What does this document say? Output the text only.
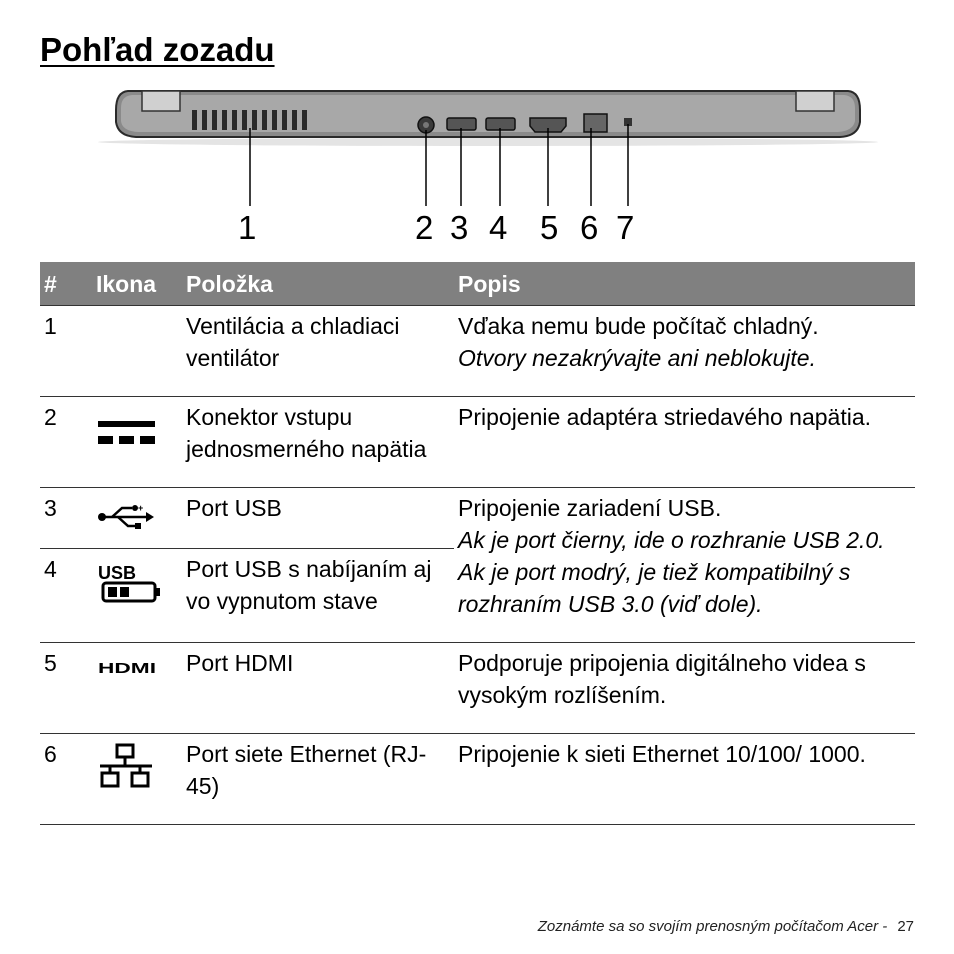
Pohľad zozadu
1	2 3 4 5 6 7
#	Ikona	Položka	Popis
1		Ventilácia a chladiaci ventilátor	Vďaka nemu bude počítač chladný.
Otvory nezakrývajte ani neblokujte.
2		Konektor vstupu jednosmerného napätia	Pripojenie adaptéra striedavého napätia.
3	+	Port USB	Pripojenie zariadení USB.
Ak je port čierny, ide o rozhranie USB 2.0. Ak je port modrý, je tiež kompatibilný s rozhraním USB 3.0 (viď dole).
4	USB	Port USB s nabíjaním aj vo vypnutom stave	
5	HDMI	Port HDMI	Podporuje pripojenia digitálneho videa s vysokým rozlíšením.
6		Port siete Ethernet (RJ-45)	Pripojenie k sieti Ethernet 10/100/ 1000.
Zoznámte sa so svojím prenosným počítačom Acer - 27
